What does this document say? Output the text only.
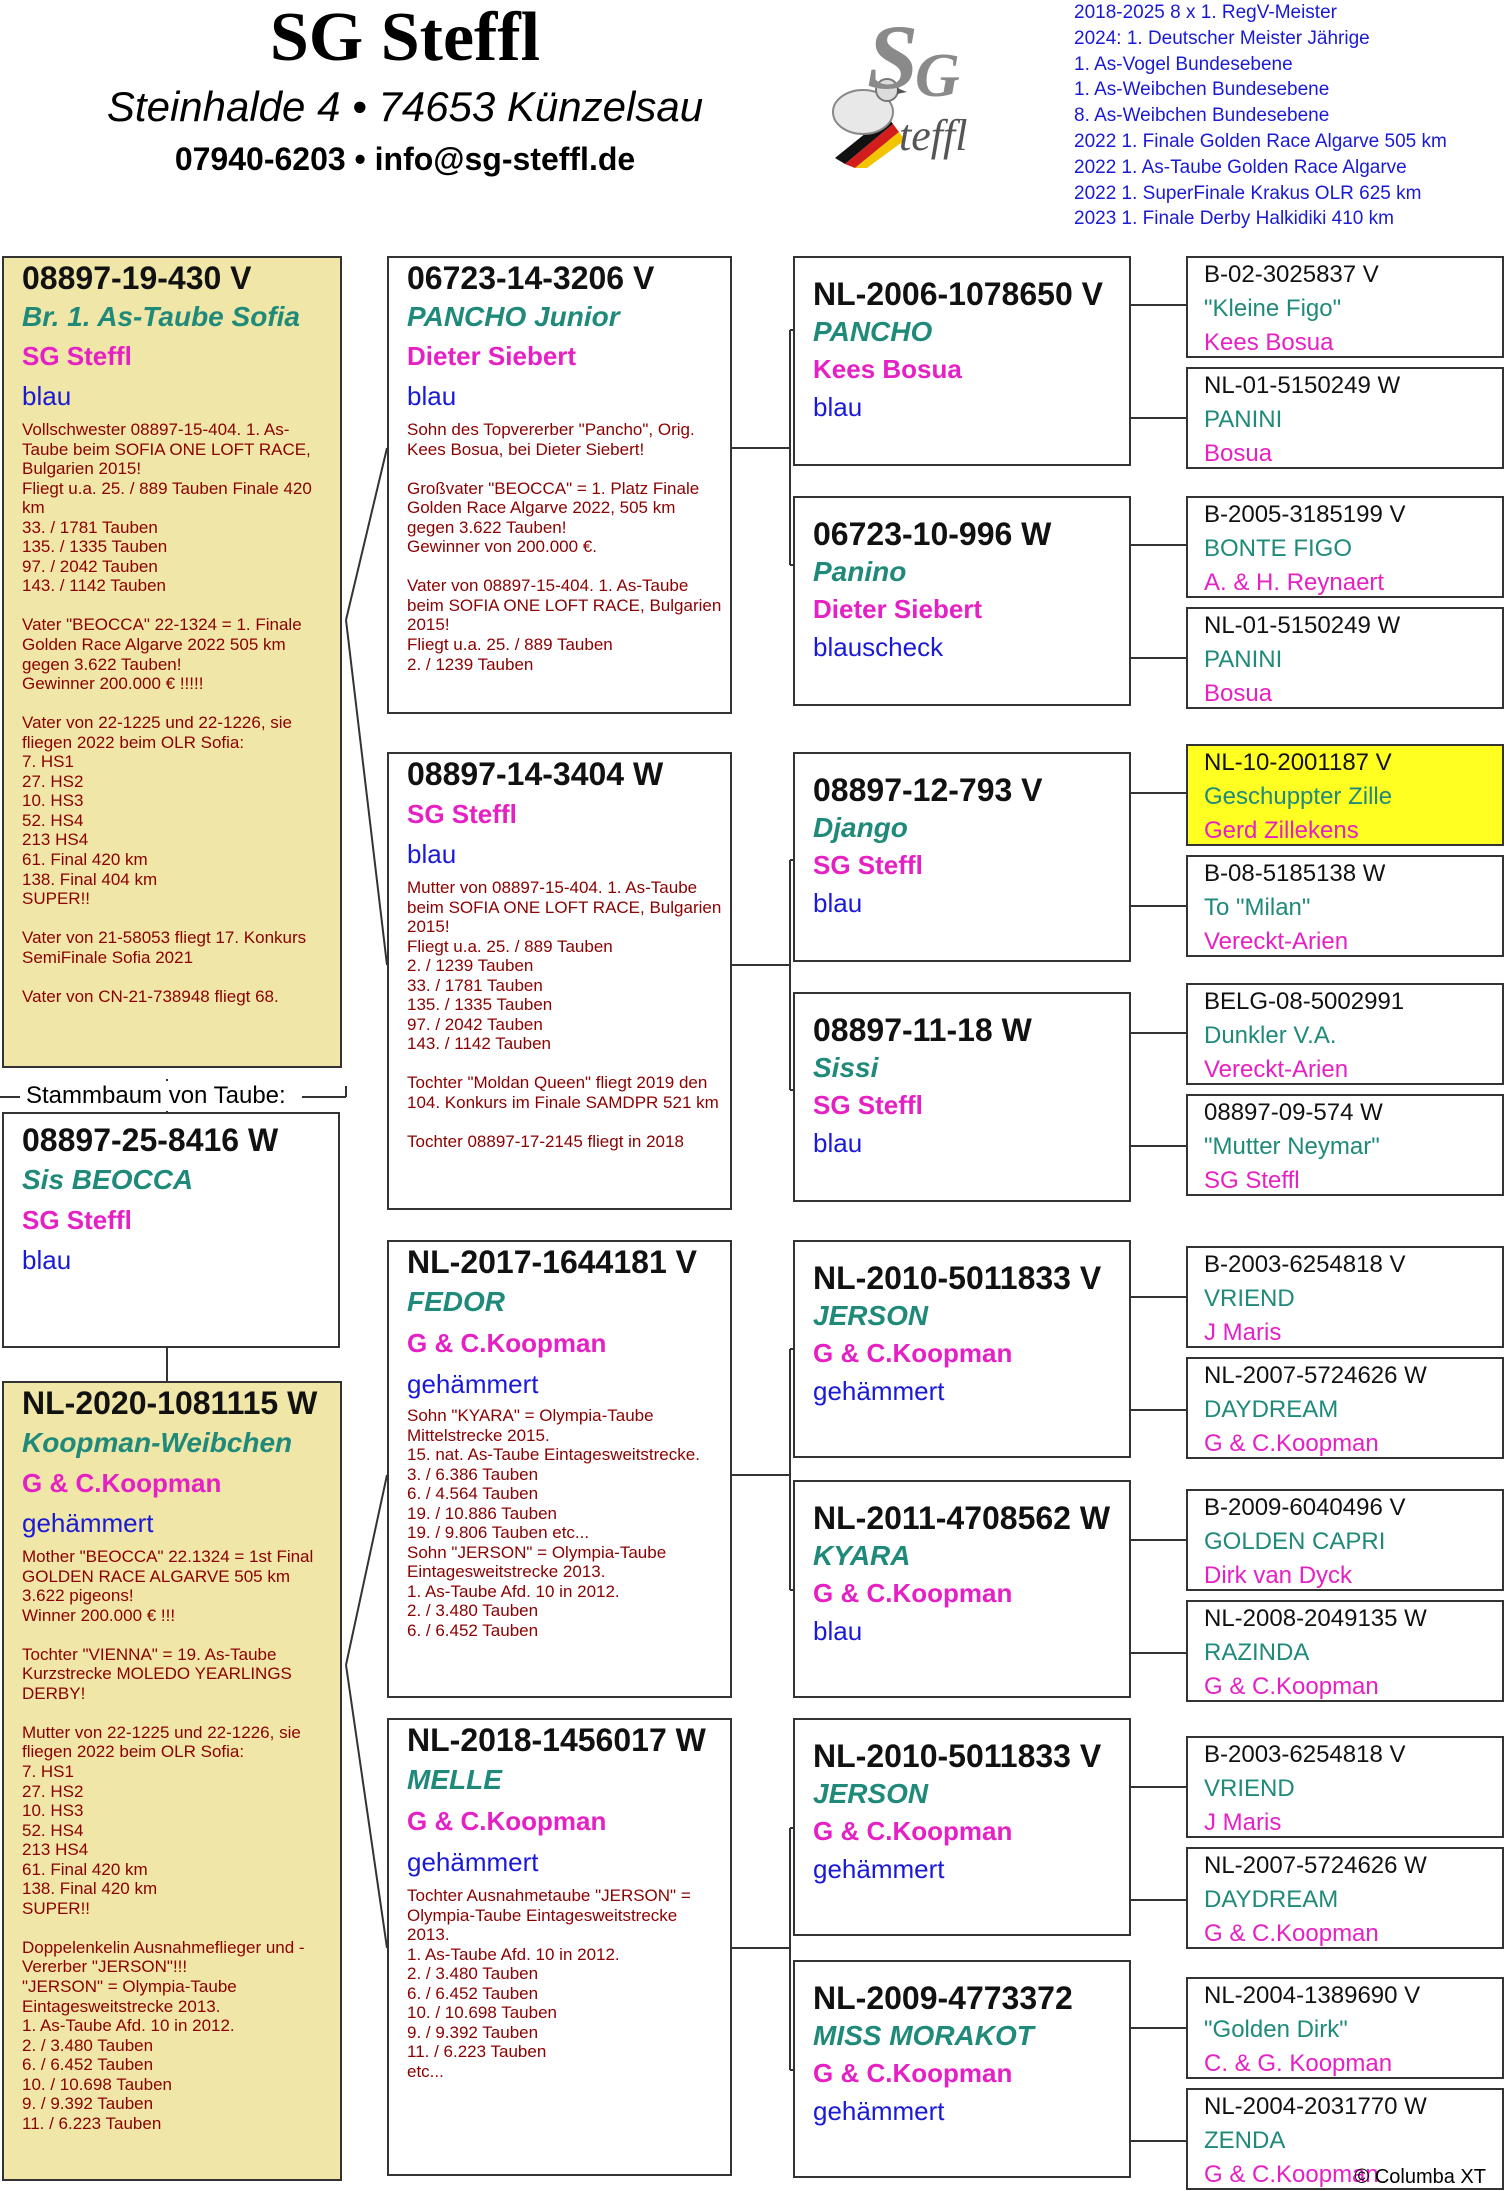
SG Steffl
Steinhalde 4 • 74653 Künzelsau
07940-6203 • info@sg-steffl.de
S
G
teffl
2018-2025 8 x 1. RegV-Meister
2024: 1. Deutscher Meister Jährige
1. As-Vogel Bundesebene
1. As-Weibchen Bundesebene
8. As-Weibchen Bundesebene
2022 1. Finale Golden Race Algarve 505 km
2022 1. As-Taube Golden Race Algarve
2022 1. SuperFinale Krakus OLR 625 km
2023 1. Finale Derby Halkidiki 410 km
08897-19-430 V
Br. 1. As-Taube Sofia
SG Steffl
blau
Vollschwester 08897-15-404. 1. As-Taube beim SOFIA ONE LOFT RACE, Bulgarien 2015!
Fliegt u.a. 25. / 889 Tauben Finale 420 km
33. / 1781 Tauben
135. / 1335 Tauben
97. / 2042 Tauben
143. / 1142 Tauben

Vater "BEOCCA" 22-1324 = 1. Finale Golden Race Algarve 2022 505 km gegen 3.622 Tauben!
Gewinner 200.000 € !!!!!

Vater von 22-1225 und 22-1226, sie fliegen 2022 beim OLR Sofia:
7. HS1
27. HS2
10. HS3
52. HS4
213 HS4
61. Final 420 km
138. Final 404 km
SUPER!!

Vater von 21-58053 fliegt 17. Konkurs SemiFinale Sofia 2021

Vater von CN-21-738948 fliegt 68.
08897-25-8416 W
Sis BEOCCA
SG Steffl
blau
Stammbaum von Taube:
NL-2020-1081115 W
Koopman-Weibchen
G & C.Koopman
gehämmert
Mother "BEOCCA" 22.1324 = 1st Final GOLDEN RACE ALGARVE 505 km 3.622 pigeons!
Winner 200.000 € !!!

Tochter "VIENNA" = 19. As-Taube Kurzstrecke MOLEDO YEARLINGS DERBY!

Mutter von 22-1225 und 22-1226, sie fliegen 2022 beim OLR Sofia:
7. HS1
27. HS2
10. HS3
52. HS4
213 HS4
61. Final 420 km
138. Final 420 km
SUPER!!

Doppelenkelin Ausnahmeflieger und -Vererber "JERSON"!!!
"JERSON" = Olympia-Taube Eintagesweitstrecke 2013.
1. As-Taube Afd. 10 in 2012.
2. / 3.480 Tauben
6. / 6.452 Tauben
10. / 10.698 Tauben
9. / 9.392 Tauben
11. / 6.223 Tauben
06723-14-3206 V
PANCHO Junior
Dieter Siebert
blau
Sohn des Topvererber "Pancho", Orig. Kees Bosua, bei Dieter Siebert!

Großvater "BEOCCA" = 1. Platz Finale Golden Race Algarve 2022, 505 km gegen 3.622 Tauben!
Gewinner von 200.000 €.

Vater von 08897-15-404. 1. As-Taube beim SOFIA ONE LOFT RACE, Bulgarien 2015!
Fliegt u.a. 25. / 889 Tauben
2. / 1239 Tauben
08897-14-3404 W
SG Steffl
blau
Mutter von 08897-15-404. 1. As-Taube beim SOFIA ONE LOFT RACE, Bulgarien 2015!
Fliegt u.a. 25. / 889 Tauben
2. / 1239 Tauben
33. / 1781 Tauben
135. / 1335 Tauben
97. / 2042 Tauben
143. / 1142 Tauben

Tochter "Moldan Queen" fliegt 2019 den 104. Konkurs im Finale SAMDPR 521 km

Tochter 08897-17-2145 fliegt in 2018
NL-2017-1644181 V
FEDOR
G & C.Koopman
gehämmert
Sohn "KYARA" = Olympia-Taube Mittelstrecke 2015.
15. nat. As-Taube Eintagesweitstrecke.
3. / 6.386 Tauben
6. / 4.564 Tauben
19. / 10.886 Tauben
19. / 9.806 Tauben etc...
Sohn "JERSON" = Olympia-Taube Eintagesweitstrecke 2013.
1. As-Taube Afd. 10 in 2012.
2. / 3.480 Tauben
6. / 6.452 Tauben
NL-2018-1456017 W
MELLE
G & C.Koopman
gehämmert
Tochter Ausnahmetaube "JERSON" = Olympia-Taube Eintagesweitstrecke 2013.
1. As-Taube Afd. 10 in 2012.
2. / 3.480 Tauben
6. / 6.452 Tauben
10. / 10.698 Tauben
9. / 9.392 Tauben
11. / 6.223 Tauben
etc...
NL-2006-1078650 V
PANCHO
Kees Bosua
blau
06723-10-996 W
Panino
Dieter Siebert
blauscheck
08897-12-793 V
Django
SG Steffl
blau
08897-11-18 W
Sissi
SG Steffl
blau
NL-2010-5011833 V
JERSON
G & C.Koopman
gehämmert
NL-2011-4708562 W
KYARA
G & C.Koopman
blau
NL-2010-5011833 V
JERSON
G & C.Koopman
gehämmert
NL-2009-4773372
MISS MORAKOT
G & C.Koopman
gehämmert
B-02-3025837 V
"Kleine Figo"
Kees Bosua
NL-01-5150249 W
PANINI
Bosua
B-2005-3185199 V
BONTE FIGO
A. & H. Reynaert
NL-01-5150249 W
PANINI
Bosua
NL-10-2001187 V
Geschuppter Zille
Gerd Zillekens
B-08-5185138 W
To "Milan"
Vereckt-Arien
BELG-08-5002991
Dunkler V.A.
Vereckt-Arien
08897-09-574 W
"Mutter Neymar"
SG Steffl
B-2003-6254818 V
VRIEND
J Maris
NL-2007-5724626 W
DAYDREAM
G & C.Koopman
B-2009-6040496 V
GOLDEN CAPRI
Dirk van Dyck
NL-2008-2049135 W
RAZINDA
G & C.Koopman
B-2003-6254818 V
VRIEND
J Maris
NL-2007-5724626 W
DAYDREAM
G & C.Koopman
NL-2004-1389690 V
"Golden Dirk"
C. & G. Koopman
NL-2004-2031770 W
ZENDA
G & C.Koopman
© Columba XT
